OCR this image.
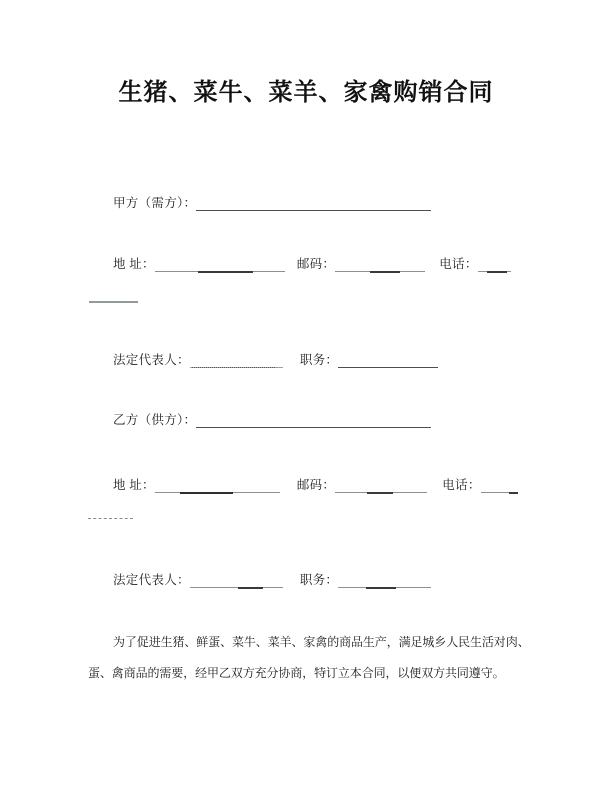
生猪、菜牛、菜羊、家禽购销合同
甲方（需方）：
地 址：	邮码：	电话：
法定代表人：	职务：
乙方（供方）：
地 址：	邮码：	电话：
法定代表人：	职务：
为了促进生猪、鲜蛋、菜牛、菜羊、家禽的商品生产，满足城乡人民生活对肉、
蛋、禽商品的需要，经甲乙双方充分协商，特订立本合同，以便双方共同遵守。
